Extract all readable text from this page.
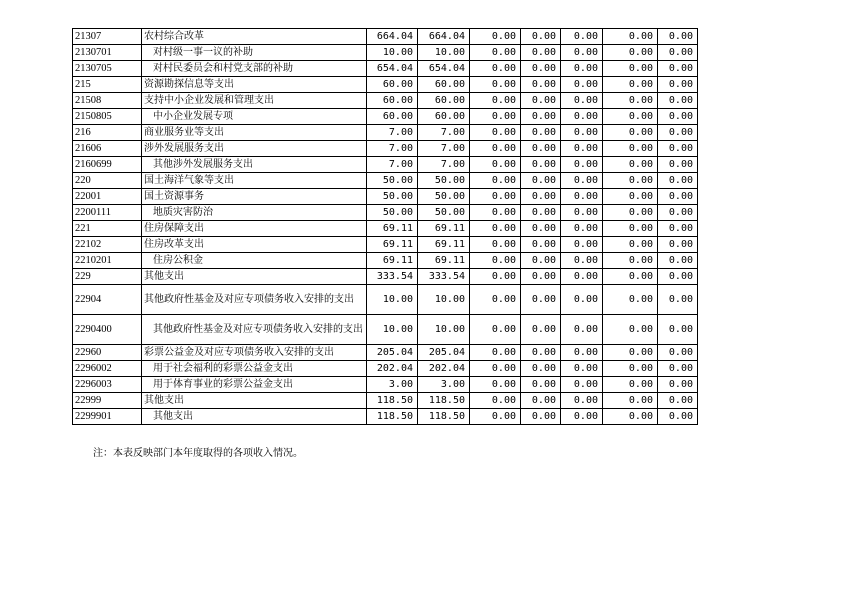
21307	农村综合改革	664.04	664.04	0.00	0.00	0.00	0.00	0.00
2130701	对村级一事一议的补助	10.00	10.00	0.00	0.00	0.00	0.00	0.00
2130705	对村民委员会和村党支部的补助	654.04	654.04	0.00	0.00	0.00	0.00	0.00
215	资源勘探信息等支出	60.00	60.00	0.00	0.00	0.00	0.00	0.00
21508	支持中小企业发展和管理支出	60.00	60.00	0.00	0.00	0.00	0.00	0.00
2150805	中小企业发展专项	60.00	60.00	0.00	0.00	0.00	0.00	0.00
216	商业服务业等支出	7.00	7.00	0.00	0.00	0.00	0.00	0.00
21606	涉外发展服务支出	7.00	7.00	0.00	0.00	0.00	0.00	0.00
2160699	其他涉外发展服务支出	7.00	7.00	0.00	0.00	0.00	0.00	0.00
220	国土海洋气象等支出	50.00	50.00	0.00	0.00	0.00	0.00	0.00
22001	国土资源事务	50.00	50.00	0.00	0.00	0.00	0.00	0.00
2200111	地质灾害防治	50.00	50.00	0.00	0.00	0.00	0.00	0.00
221	住房保障支出	69.11	69.11	0.00	0.00	0.00	0.00	0.00
22102	住房改革支出	69.11	69.11	0.00	0.00	0.00	0.00	0.00
2210201	住房公积金	69.11	69.11	0.00	0.00	0.00	0.00	0.00
229	其他支出	333.54	333.54	0.00	0.00	0.00	0.00	0.00
22904	其他政府性基金及对应专项债务收入安排的支出	10.00	10.00	0.00	0.00	0.00	0.00	0.00
2290400	其他政府性基金及对应专项债务收入安排的支出	10.00	10.00	0.00	0.00	0.00	0.00	0.00
22960	彩票公益金及对应专项债务收入安排的支出	205.04	205.04	0.00	0.00	0.00	0.00	0.00
2296002	用于社会福利的彩票公益金支出	202.04	202.04	0.00	0.00	0.00	0.00	0.00
2296003	用于体育事业的彩票公益金支出	3.00	3.00	0.00	0.00	0.00	0.00	0.00
22999	其他支出	118.50	118.50	0.00	0.00	0.00	0.00	0.00
2299901	其他支出	118.50	118.50	0.00	0.00	0.00	0.00	0.00
注：本表反映部门本年度取得的各项收入情况。
